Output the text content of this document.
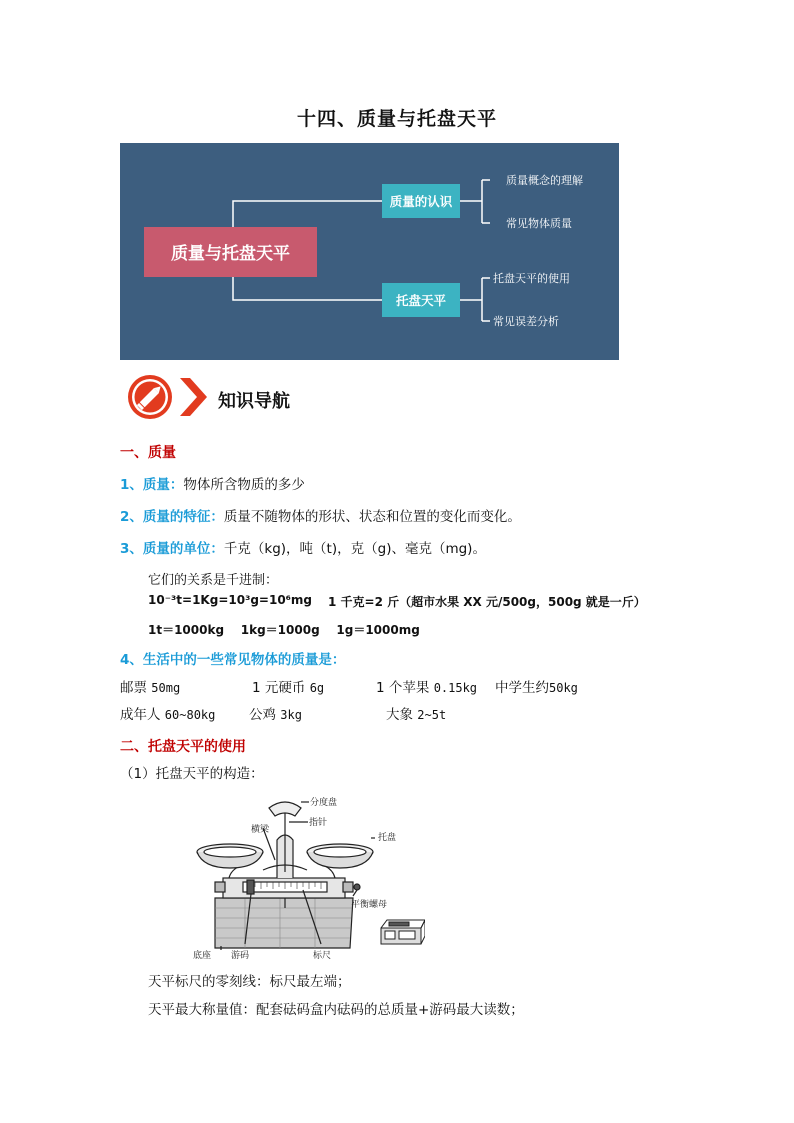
十四、质量与托盘天平
质量与托盘天平
质量的认识
托盘天平
质量概念的理解
常见物体质量
托盘天平的使用
常见误差分析
知识导航
一、质量
1、质量：物体所含物质的多少
2、质量的特征：质量不随物体的形状、状态和位置的变化而变化。
3、质量的单位：千克（kg)，吨（t)，克（g)、毫克（mg)。
它们的关系是千进制：
10⁻³t=1Kg=10³g=10⁶mg 1 千克=2 斤（超市水果 XX 元/500g，500g 就是一斤）
1t＝1000kg    1kg＝1000g    1g＝1000mg
4、生活中的一些常见物体的质量是：
邮票 50mg	1 元硬币 6g	1 个苹果 0.15kg 中学生约50kg
成年人 60~80kg 公鸡 3kg	大象 2~5t
二、托盘天平的使用
（1）托盘天平的构造：
分度盘
指针
横梁
托盘
平衡螺母
底座 游码	标尺
天平标尺的零刻线：标尺最左端；
天平最大称量值：配套砝码盒内砝码的总质量+游码最大读数；
